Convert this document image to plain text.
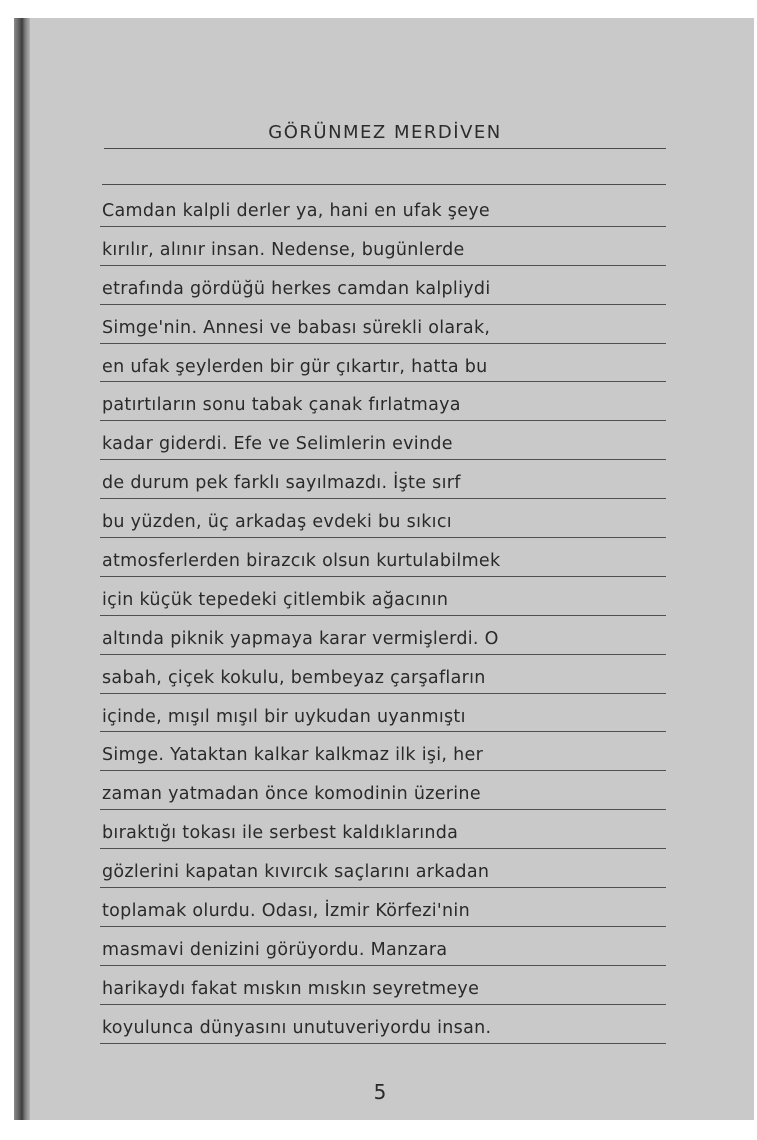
GÖRÜNMEZ MERDİVEN
Camdan kalpli derler ya, hani en ufak şeye
kırılır, alınır insan. Nedense, bugünlerde
etrafında gördüğü herkes camdan kalpliydi
Simge'nin. Annesi ve babası sürekli olarak,
en ufak şeylerden bir gür çıkartır, hatta bu
patırtıların sonu tabak çanak fırlatmaya
kadar giderdi. Efe ve Selimlerin evinde
de durum pek farklı sayılmazdı. İşte sırf
bu yüzden, üç arkadaş evdeki bu sıkıcı
atmosferlerden birazcık olsun kurtulabilmek
için küçük tepedeki çitlembik ağacının
altında piknik yapmaya karar vermişlerdi. O
sabah, çiçek kokulu, bembeyaz çarşafların
içinde, mışıl mışıl bir uykudan uyanmıştı
Simge. Yataktan kalkar kalkmaz ilk işi, her
zaman yatmadan önce komodinin üzerine
bıraktığı tokası ile serbest kaldıklarında
gözlerini kapatan kıvırcık saçlarını arkadan
toplamak olurdu. Odası, İzmir Körfezi'nin
masmavi denizini görüyordu. Manzara
harikaydı fakat mıskın mıskın seyretmeye
koyulunca dünyasını unutuveriyordu insan.
5
